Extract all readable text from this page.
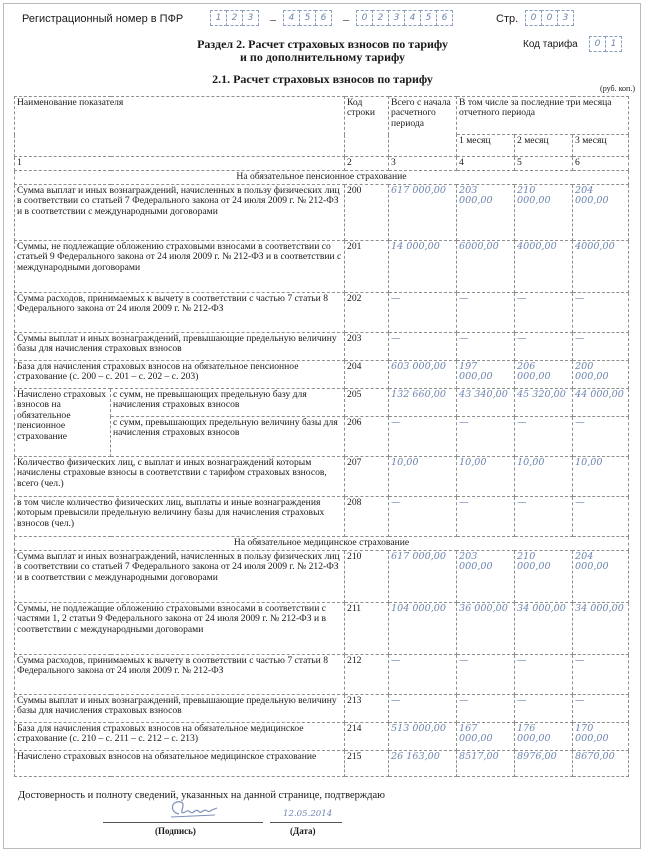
Регистрационный номер в ПФР	1	2	3	–	4	5	6	–	0	2	3	4	5	6	Стр.	0	0	3
Раздел 2. Расчет страховых взносов по тарифу
и по дополнительному тарифу
Код тарифа	0	1
2.1. Расчет страховых взносов по тарифу
(руб. коп.)
Наименование показателя		Код строки	Всего с начала расчетного периода	В том числе за последние три месяца отчетного периода		
				1 месяц	2 месяц	3 месяц
1		2	3	4	5	6
На обязательное пенсионное страхование						
Сумма выплат и иных вознаграждений, начисленных в пользу физических лиц в соответствии со статьей 7 Федерального закона от 24 июля 2009 г. № 212-ФЗ и в соответствии с международными договорами		200	617 000,00	203 000,00	210 000,00	204 000,00
Суммы, не подлежащие обложению страховыми взносами в соответствии со статьей 9 Федерального закона от 24 июля 2009 г. № 212-ФЗ и в соответствии с международными договорами		201	14 000,00	6000,00	4000,00	4000,00
Сумма расходов, принимаемых к вычету в соответствии с частью 7 статьи 8 Федерального закона от 24 июля 2009 г. № 212-ФЗ		202	—	—	—	—
Суммы выплат и иных вознаграждений, превышающие предельную величину базы для начисления страховых взносов		203	—	—	—	—
База для начисления страховых взносов на обязательное пенсионное страхование (с. 200 – с. 201 – с. 202 – с. 203)		204	603 000,00	197 000,00	206 000,00	200 000,00
Начислено страховых взносов на обязательное пенсионное страхование	с сумм, не превышающих предельную базу для начисления страховых взносов	205	132 660,00	43 340,00	45 320,00	44 000,00
	с сумм, превышающих предельную величину базы для начисления страховых взносов	206	—	—	—	—
Количество физических лиц, с выплат и иных вознаграждений которым начислены страховые взносы в соответствии с тарифом страховых взносов, всего (чел.)		207	10,00	10,00	10,00	10,00
в том числе количество физических лиц, выплаты и иные вознаграждения которым превысили предельную величину базы для начисления страховых взносов (чел.)		208	—	—	—	—
На обязательное медицинское страхование						
Сумма выплат и иных вознаграждений, начисленных в пользу физических лиц в соответствии со статьей 7 Федерального закона от 24 июля 2009 г. № 212-ФЗ и в соответствии с международными договорами		210	617 000,00	203 000,00	210 000,00	204 000,00
Суммы, не подлежащие обложению страховыми взносами в соответствии с частями 1, 2 статьи 9 Федерального закона от 24 июля 2009 г. № 212-ФЗ и в соответствии с международными договорами		211	104 000,00	36 000,00	34 000,00	34 000,00
Сумма расходов, принимаемых к вычету в соответствии с частью 7 статьи 8 Федерального закона от 24 июля 2009 г. № 212-ФЗ		212	—	—	—	—
Суммы выплат и иных вознаграждений, превышающие предельную величину базы для начисления страховых взносов		213	—	—	—	—
База для начисления страховых взносов на обязательное медицинское страхование (с. 210 – с. 211 – с. 212 – с. 213)		214	513 000,00	167 000,00	176 000,00	170 000,00
Начислено страховых взносов на обязательное медицинское страхование		215	26 163,00	8517,00	8976,00	8670,00
Достоверность и полноту сведений, указанных на данной странице, подтверждаю
12.05.2014
(Подпись)	(Дата)
